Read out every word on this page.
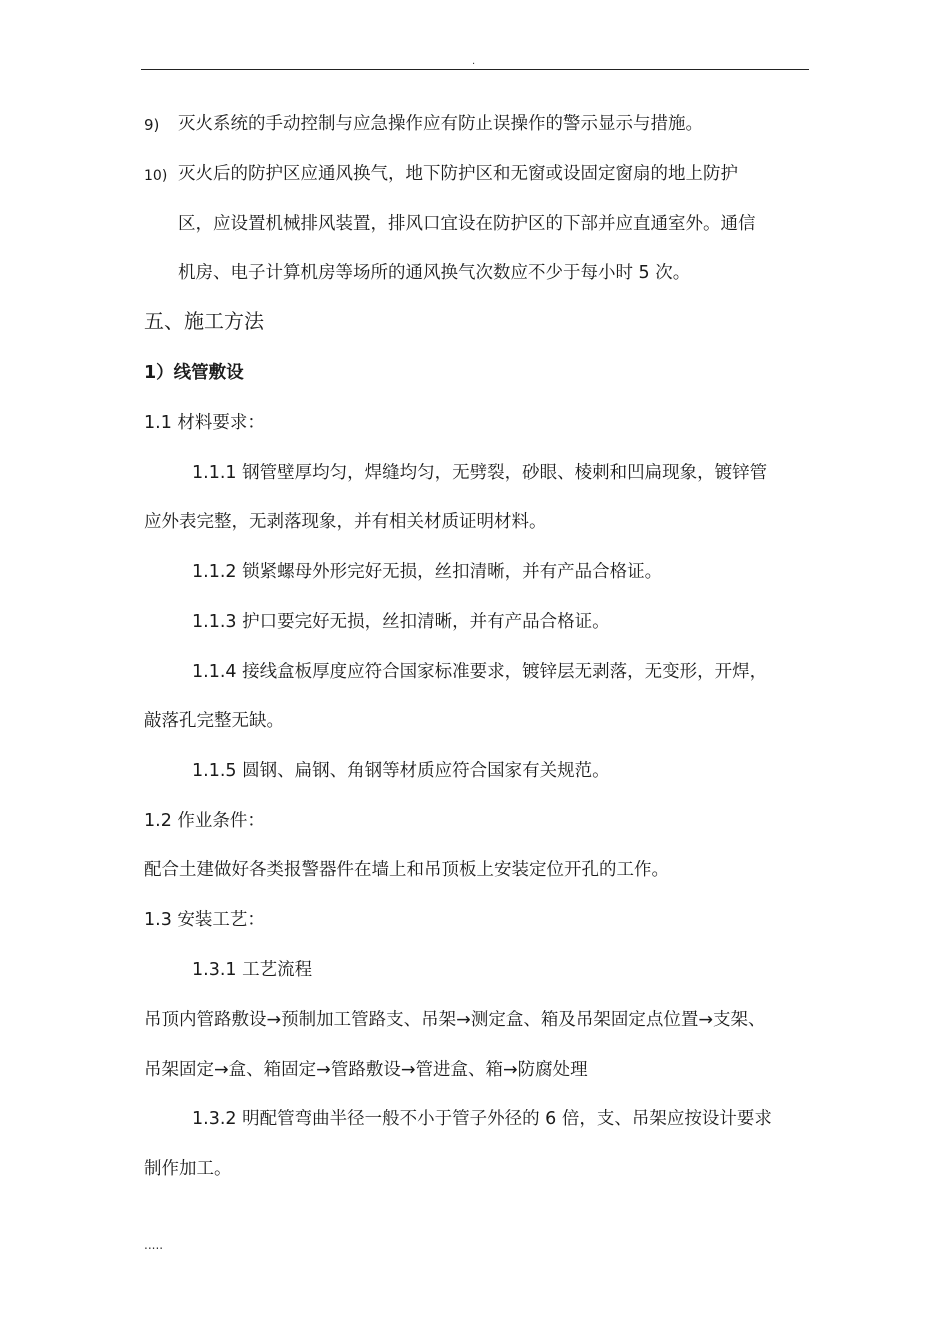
.
9) 灭火系统的手动控制与应急操作应有防止误操作的警示显示与措施。
10) 灭火后的防护区应通风换气，地下防护区和无窗或设固定窗扇的地上防护
区，应设置机械排风装置，排风口宜设在防护区的下部并应直通室外。通信
机房、电子计算机房等场所的通风换气次数应不少于每小时 5 次。
五、施工方法
1）线管敷设
1.1 材料要求：
1.1.1 钢管壁厚均匀，焊缝均匀，无劈裂，砂眼、棱刺和凹扁现象，镀锌管
应外表完整，无剥落现象，并有相关材质证明材料。
1.1.2 锁紧螺母外形完好无损，丝扣清晰，并有产品合格证。
1.1.3 护口要完好无损，丝扣清晰，并有产品合格证。
1.1.4 接线盒板厚度应符合国家标准要求，镀锌层无剥落，无变形，开焊，
敲落孔完整无缺。
1.1.5 圆钢、扁钢、角钢等材质应符合国家有关规范。
1.2 作业条件：
配合土建做好各类报警器件在墙上和吊顶板上安装定位开孔的工作。
1.3 安装工艺：
1.3.1 工艺流程
吊顶内管路敷设→预制加工管路支、吊架→测定盒、箱及吊架固定点位置→支架、
吊架固定→盒、箱固定→管路敷设→管进盒、箱→防腐处理
1.3.2 明配管弯曲半径一般不小于管子外径的 6 倍，支、吊架应按设计要求
制作加工。
.....
